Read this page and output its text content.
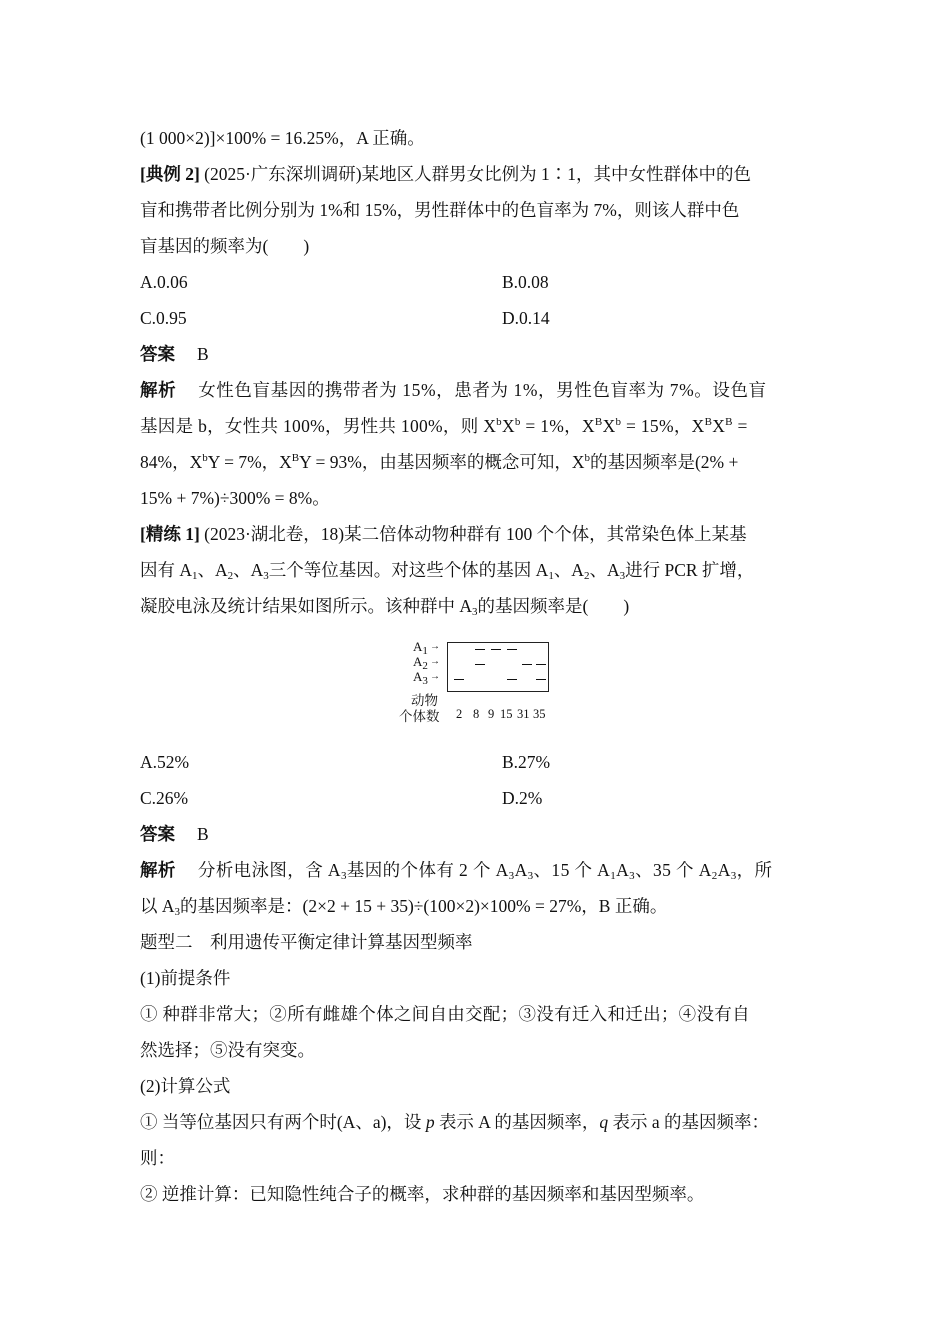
(1 000×2)]×100% = 16.25%，A 正确。
[典例 2] (2025·广东深圳调研)某地区人群男女比例为 1∶1，其中女性群体中的色
盲和携带者比例分别为 1%和 15%，男性群体中的色盲率为 7%，则该人群中色
盲基因的频率为(　　)
A.0.06	B.0.08
C.0.95	D.0.14
答案 B
解析 女性色盲基因的携带者为 15%，患者为 1%，男性色盲率为 7%。设色盲
基因是 b，女性共 100%，男性共 100%，则 $X^bX^b = 1\%$，$X^BX^b = 15\%$，$X^BX^B$ =
84%，$X^bY = 7\%$，$X^BY = 93\%$，由基因频率的概念可知，$X^b$的基因频率是(2% +
15% + 7%)÷300% = 8%。
[精练 1] (2023·湖北卷，18)某二倍体动物种群有 100 个个体，其常染色体上某基
因有 $A_1$、$A_2$、$A_3$三个等位基因。对这些个体的基因 $A_1$、$A_2$、$A_3$进行 PCR 扩增，
凝胶电泳及统计结果如图所示。该种群中 $A_3$的基因频率是(　　)
$A_1$ →
$A_2$ →
$A_3$ →
动物
个体数 2 8 9 15 31 35
A.52%	B.27%
C.26%	D.2%
答案 B
解析 分析电泳图，含 $A_3$基因的个体有 2 个 $A_3A_3$、15 个 $A_1A_3$、35 个 $A_2A_3$，所
以 $A_3$的基因频率是：(2×2 + 15 + 35)÷(100×2)×100% = 27%，B 正确。
题型二　利用遗传平衡定律计算基因型频率
(1)前提条件
① 种群非常大；②所有雌雄个体之间自由交配；③没有迁入和迁出；④没有自
然选择；⑤没有突变。
(2)计算公式
① 当等位基因只有两个时(A、a)，设 p 表示 A 的基因频率，q 表示 a 的基因频率：
则：
② 逆推计算：已知隐性纯合子的概率，求种群的基因频率和基因型频率。
